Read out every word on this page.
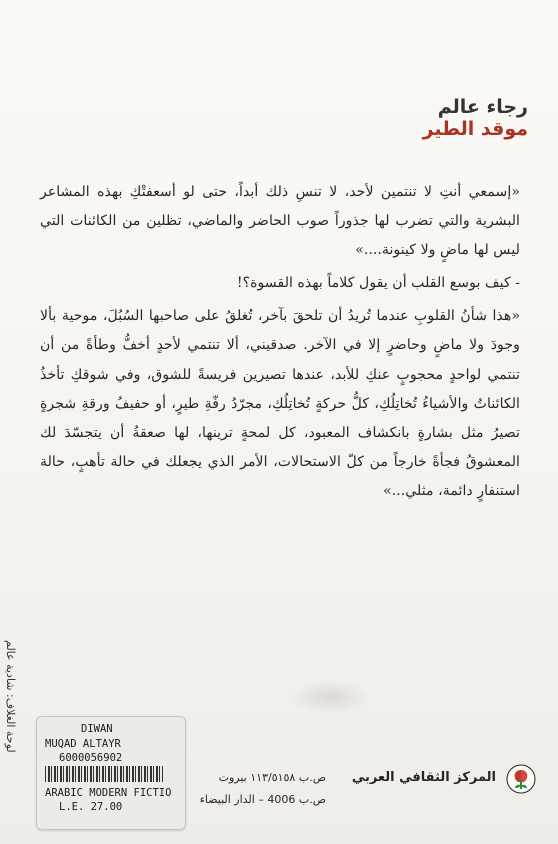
رجاء عالم
موقد الطير

«إسمعي أنتِ لا تنتمين لأحد، لا تنسِ ذلك أبداً، حتى لو أسعفتْكِ بهذه المشاعر البشرية والتي تضرب لها جذوراً صوب الحاضر والماضي، تظلين من الكائنات التي ليس لها ماضٍ ولا كينونة....»

- كيف بوسع القلب أن يقول كلاماً بهذه القسوة؟!

«هذا شأنُ القلوبِ عندما تُريدُ أن تلحقَ بآخر، تُغلقُ على صاحبها السُبُلَ، موحية بألا وجودَ ولا ماضٍ وحاضرٍ إلا في الآخر. صدقيني، ألا تنتمي لأحدٍ أخفُّ وطأةً من أن تنتمي لواحدٍ محجوبٍ عنكِ للأبد، عندها تصيرين فريسةً للشوق، وفي شوقكِ تأخذُ الكائناتُ والأشياءُ تُخاتِلُكِ، كلُّ حركةٍ تُخاتِلُكِ، مجرّدُ رفّةِ طيرٍ، أو حفيفُ ورقةِ شجرةٍ تصيرُ مثل بشارةٍ بانكشاف المعبود، كل لمحةٍ ترينها، لها صعقةُ أن يتجسّدَ لك المعشوقُ فجأةً خارجاً من كلّ الاستحالات، الأمر الذي يجعلك في حالة تأهبٍ، حالة استنفارٍ دائمة، مثلي...»

لوحة الغلاف: شادية عالم	DIWAN
MUQAD ALTAYR
6000056902
ARABIC MODERN FICTIO
L.E. 27.00
ص.ب ١١٣/٥١٥٨ بيروت
ص.ب 4006 – الدار البيضاء
المركز الثقافي العربي
